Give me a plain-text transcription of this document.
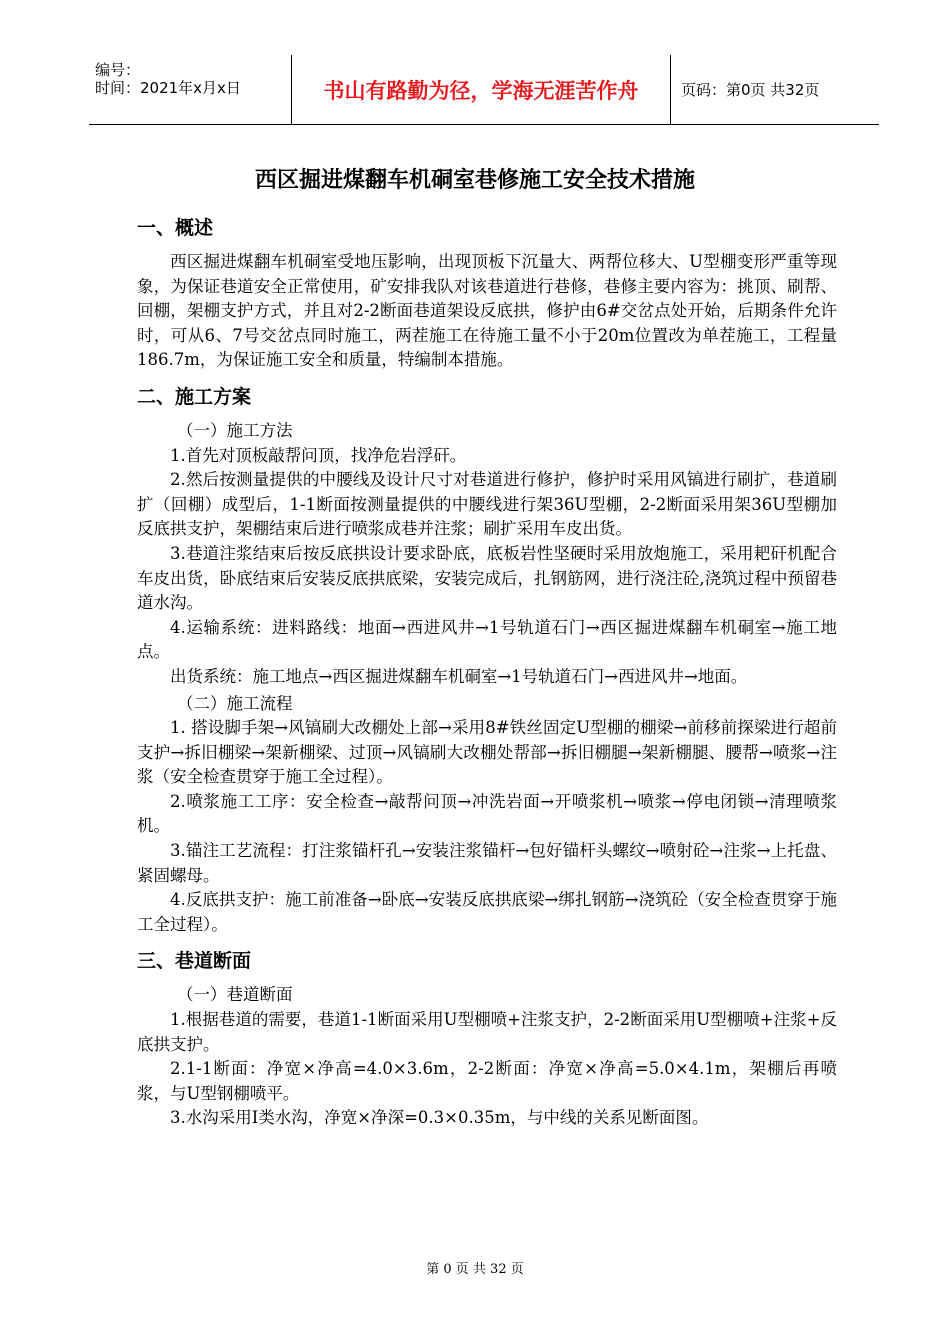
编号：
时间：2021年x月x日	书山有路勤为径，学海无涯苦作舟	页码：第0页 共32页
西区掘进煤翻车机硐室巷修施工安全技术措施
一、概述

西区掘进煤翻车机硐室受地压影响，出现顶板下沉量大、两帮位移大、U型棚变形严重等现象，为保证巷道安全正常使用，矿安排我队对该巷道进行巷修，巷修主要内容为：挑顶、刷帮、回棚，架棚支护方式，并且对2-2断面巷道架设反底拱，修护由6#交岔点处开始，后期条件允许时，可从6、7号交岔点同时施工，两茬施工在待施工量不小于20m位置改为单茬施工，工程量186.7m，为保证施工安全和质量，特编制本措施。

二、施工方案

（一）施工方法

1.首先对顶板敲帮问顶，找净危岩浮矸。

2.然后按测量提供的中腰线及设计尺寸对巷道进行修护，修护时采用风镐进行刷扩，巷道刷扩（回棚）成型后，1-1断面按测量提供的中腰线进行架36U型棚，2-2断面采用架36U型棚加反底拱支护，架棚结束后进行喷浆成巷并注浆；刷扩采用车皮出货。

3.巷道注浆结束后按反底拱设计要求卧底，底板岩性坚硬时采用放炮施工，采用耙矸机配合车皮出货，卧底结束后安装反底拱底梁，安装完成后，扎钢筋网，进行浇注砼,浇筑过程中预留巷道水沟。

4.运输系统：进料路线：地面→西进风井→1号轨道石门→西区掘进煤翻车机硐室→施工地点。

出货系统：施工地点→西区掘进煤翻车机硐室→1号轨道石门→西进风井→地面。

（二）施工流程

1. 搭设脚手架→风镐刷大改棚处上部→采用8#铁丝固定U型棚的棚梁→前移前探梁进行超前支护→拆旧棚梁→架新棚梁、过顶→风镐刷大改棚处帮部→拆旧棚腿→架新棚腿、腰帮→喷浆→注浆（安全检查贯穿于施工全过程）。

2.喷浆施工工序：安全检查→敲帮问顶→冲洗岩面→开喷浆机→喷浆→停电闭锁→清理喷浆机。

3.锚注工艺流程：打注浆锚杆孔→安装注浆锚杆→包好锚杆头螺纹→喷射砼→注浆→上托盘、紧固螺母。

4.反底拱支护：施工前准备→卧底→安装反底拱底梁→绑扎钢筋→浇筑砼（安全检查贯穿于施工全过程）。

三、巷道断面

（一）巷道断面

1.根据巷道的需要，巷道1-1断面采用U型棚喷+注浆支护，2-2断面采用U型棚喷+注浆+反底拱支护。

2.1-1断面：净宽×净高=4.0×3.6m，2-2断面：净宽×净高=5.0×4.1m，架棚后再喷浆，与U型钢棚喷平。

3.水沟采用Ⅰ类水沟，净宽×净深=0.3×0.35m，与中线的关系见断面图。

第 0 页 共 32 页
